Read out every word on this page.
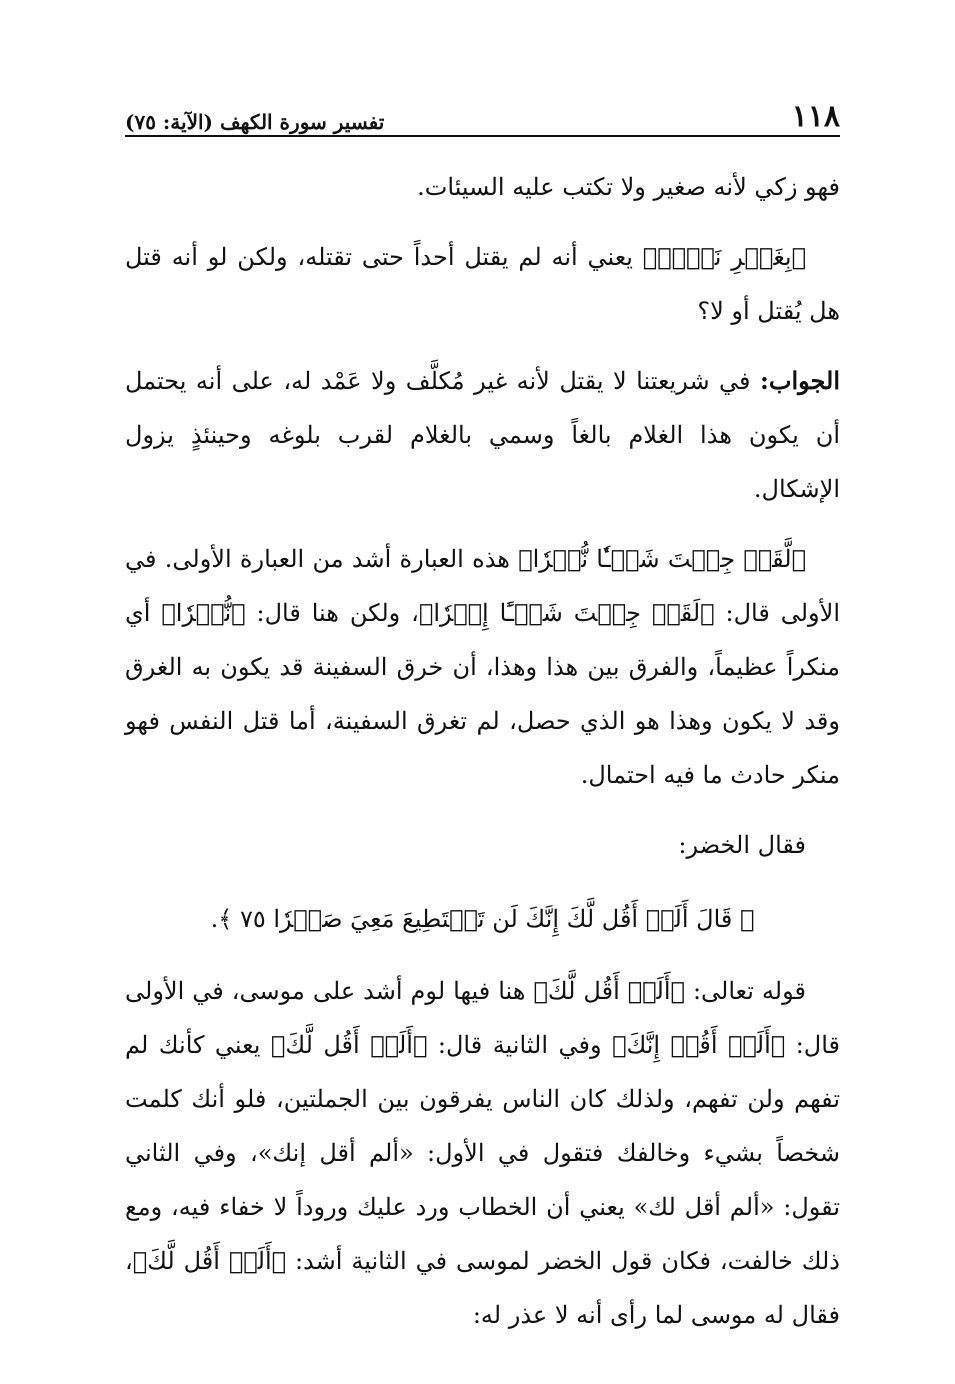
١١٨
تفسير سورة الكهف (الآية: ٧٥)

فهو زكي لأنه صغير ولا تكتب عليه السيئات.

﴿بِغَيۡرِ نَفۡسٖ﴾ يعني أنه لم يقتل أحداً حتى تقتله، ولكن لو أنه قتل هل يُقتل أو لا؟

الجواب: في شريعتنا لا يقتل لأنه غير مُكلَّف ولا عَمْد له، على أنه يحتمل أن يكون هذا الغلام بالغاً وسمي بالغلام لقرب بلوغه وحينئذٍ يزول الإشكال.

﴿لَّقَدۡ جِئۡتَ شَيۡـٔٗا نُّكۡرٗا﴾ هذه العبارة أشد من العبارة الأولى. في الأولى قال: ﴿لَقَدۡ جِئۡتَ شَيۡـًٔا إِمۡرٗا﴾، ولكن هنا قال: ﴿نُّكۡرٗا﴾ أي منكراً عظيماً، والفرق بين هذا وهذا، أن خرق السفينة قد يكون به الغرق وقد لا يكون وهذا هو الذي حصل، لم تغرق السفينة، أما قتل النفس فهو منكر حادث ما فيه احتمال.

فقال الخضر:

﴿ قَالَ أَلَمۡ أَقُل لَّكَ إِنَّكَ لَن تَسۡتَطِيعَ مَعِيَ صَبۡرٗا ٧٥ ﴾.

قوله تعالى: ﴿أَلَمۡ أَقُل لَّكَ﴾ هنا فيها لوم أشد على موسى، في الأولى قال: ﴿أَلَمۡ أَقُلۡ إِنَّكَ﴾ وفي الثانية قال: ﴿أَلَمۡ أَقُل لَّكَ﴾ يعني كأنك لم تفهم ولن تفهم، ولذلك كان الناس يفرقون بين الجملتين، فلو أنك كلمت شخصاً بشيء وخالفك فتقول في الأول: «ألم أقل إنك»، وفي الثاني تقول: «ألم أقل لك» يعني أن الخطاب ورد عليك وروداً لا خفاء فيه، ومع ذلك خالفت، فكان قول الخضر لموسى في الثانية أشد: ﴿أَلَمۡ أَقُل لَّكَ﴾، فقال له موسى لما رأى أنه لا عذر له:
